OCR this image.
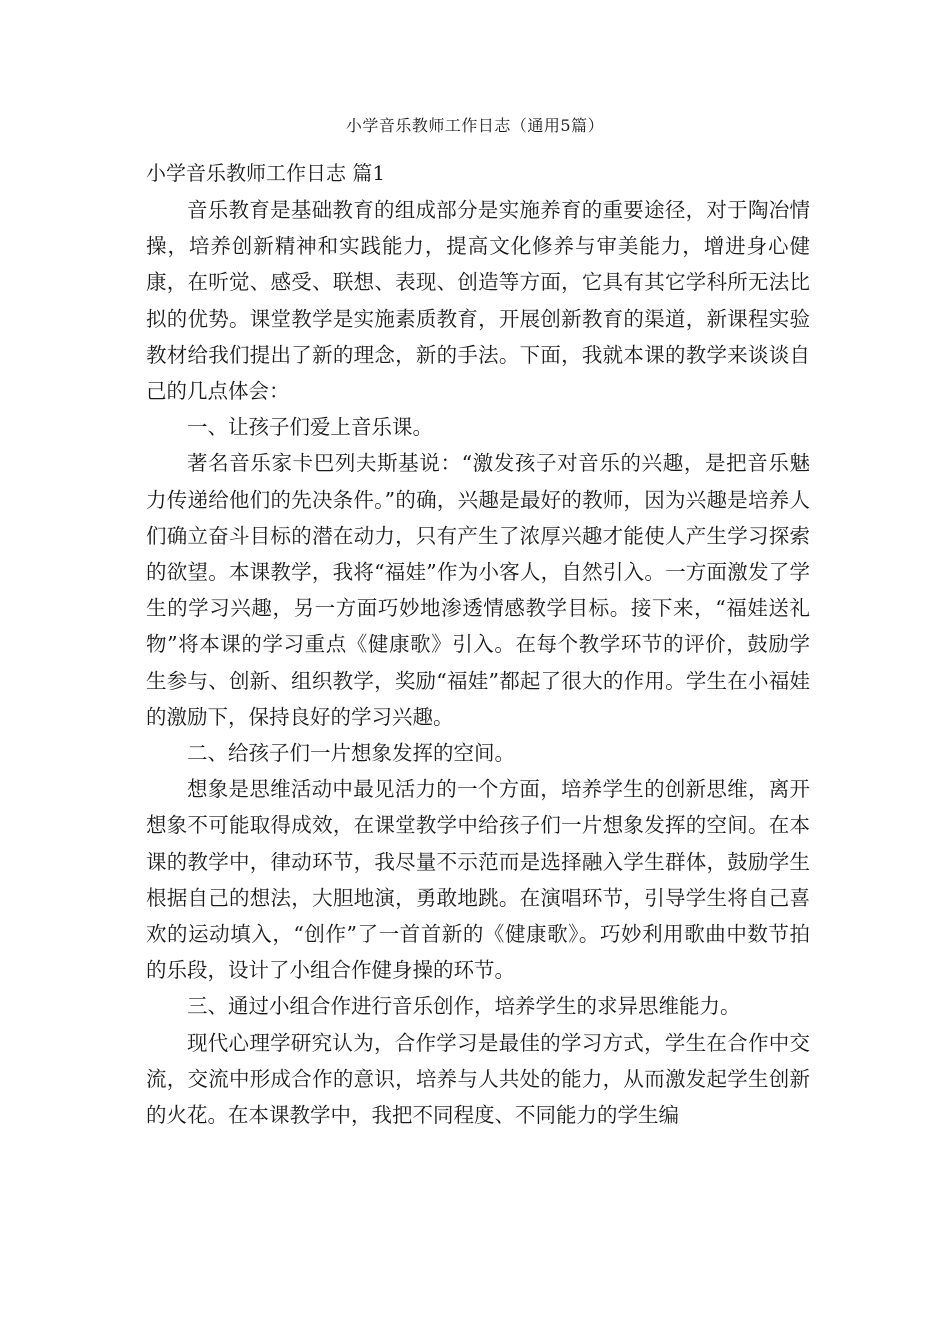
小学音乐教师工作日志（通用5篇）
小学音乐教师工作日志 篇1

音乐教育是基础教育的组成部分是实施养育的重要途径，对于陶冶情操，培养创新精神和实践能力，提高文化修养与审美能力，增进身心健康，在听觉、感受、联想、表现、创造等方面，它具有其它学科所无法比拟的优势。课堂教学是实施素质教育，开展创新教育的渠道，新课程实验教材给我们提出了新的理念，新的手法。下面，我就本课的教学来谈谈自己的几点体会：

一、让孩子们爱上音乐课。

著名音乐家卡巴列夫斯基说：“激发孩子对音乐的兴趣，是把音乐魅力传递给他们的先决条件。”的确，兴趣是最好的教师，因为兴趣是培养人们确立奋斗目标的潜在动力，只有产生了浓厚兴趣才能使人产生学习探索的欲望。本课教学，我将“福娃”作为小客人，自然引入。一方面激发了学生的学习兴趣，另一方面巧妙地渗透情感教学目标。接下来，“福娃送礼物”将本课的学习重点《健康歌》引入。在每个教学环节的评价，鼓励学生参与、创新、组织教学，奖励“福娃”都起了很大的作用。学生在小福娃的激励下，保持良好的学习兴趣。

二、给孩子们一片想象发挥的空间。

想象是思维活动中最见活力的一个方面，培养学生的创新思维，离开想象不可能取得成效，在课堂教学中给孩子们一片想象发挥的空间。在本课的教学中，律动环节，我尽量不示范而是选择融入学生群体，鼓励学生根据自己的想法，大胆地演，勇敢地跳。在演唱环节，引导学生将自己喜欢的运动填入，“创作”了一首首新的《健康歌》。巧妙利用歌曲中数节拍的乐段，设计了小组合作健身操的环节。

三、通过小组合作进行音乐创作，培养学生的求异思维能力。

现代心理学研究认为，合作学习是最佳的学习方式，学生在合作中交流，交流中形成合作的意识，培养与人共处的能力，从而激发起学生创新的火花。在本课教学中，我把不同程度、不同能力的学生编
